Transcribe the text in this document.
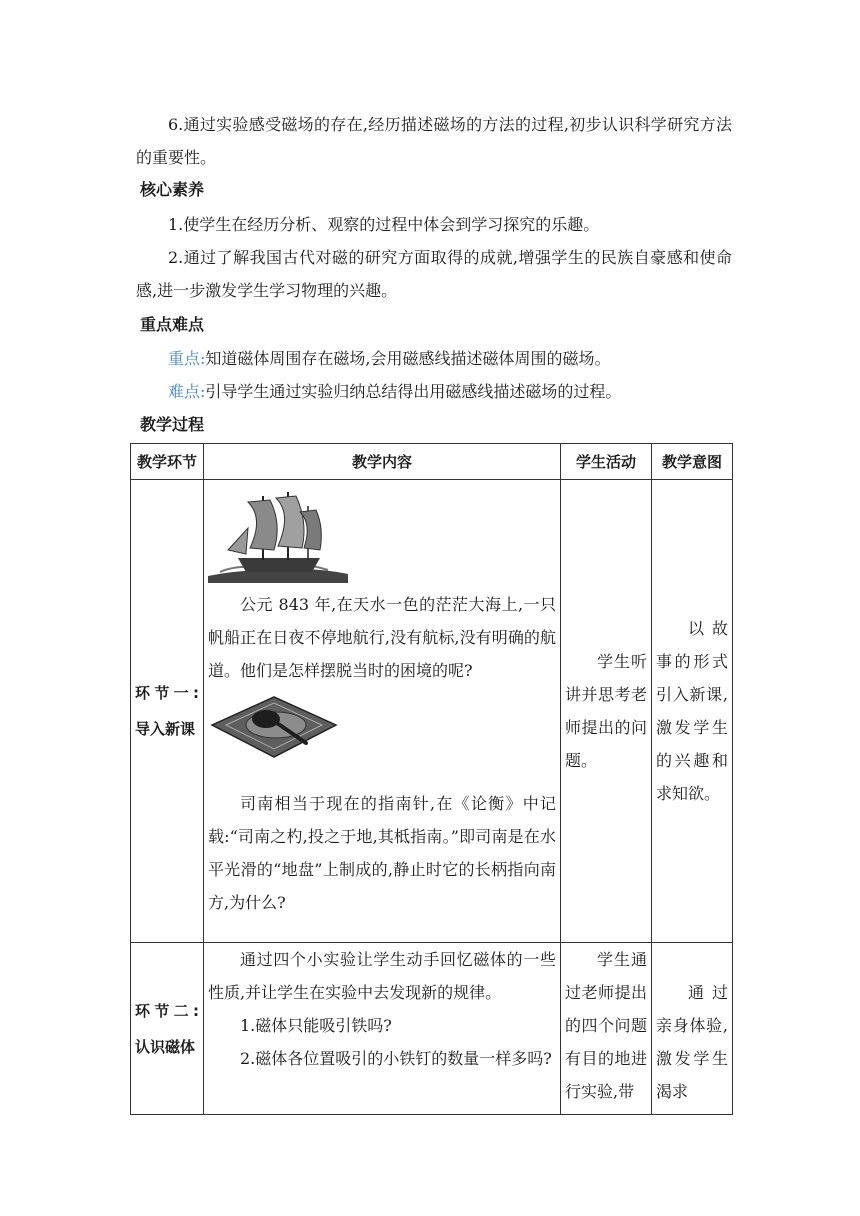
6.通过实验感受磁场的存在,经历描述磁场的方法的过程,初步认识科学研究方法的重要性。

核心素养

1.使学生在经历分析、观察的过程中体会到学习探究的乐趣。

2.通过了解我国古代对磁的研究方面取得的成就,增强学生的民族自豪感和使命感,进一步激发学生学习物理的兴趣。

重点难点

重点:知道磁体周围存在磁场,会用磁感线描述磁体周围的磁场。

难点:引导学生通过实验归纳总结得出用磁感线描述磁场的过程。

教学过程

教学环节	教学内容	学生活动	教学意图
环节一:导入新课	公元 843 年,在天水一色的茫茫大海上,一只帆船正在日夜不停地航行,没有航标,没有明确的航道。他们是怎样摆脱当时的困境的呢?

司南相当于现在的指南针,在《论衡》中记载:“司南之杓,投之于地,其柢指南。”即司南是在水平光滑的“地盘”上制成的,静止时它的长柄指向南方,为什么?	学生听讲并思考老师提出的问题。	以故事的形式引入新课,激发学生的兴趣和求知欲。

环节二:认识磁体	通过四个小实验让学生动手回忆磁体的一些性质,并让学生在实验中去发现新的规律。

1.磁体只能吸引铁吗?

2.磁体各位置吸引的小铁钉的数量一样多吗?	学生通过老师提出的四个问题有目的地进行实验,带	通过亲身体验,激发学生渴求
